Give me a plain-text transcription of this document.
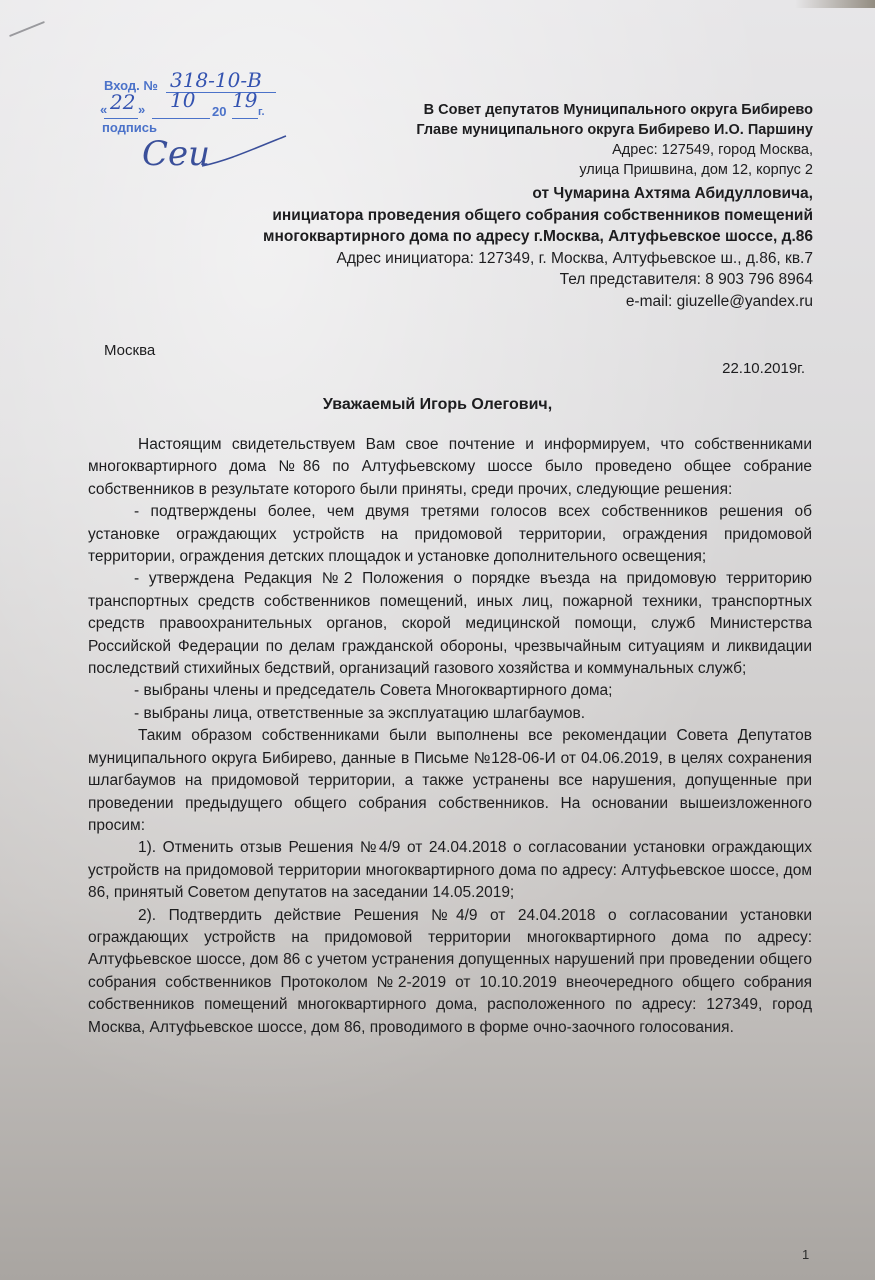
Вход. № 318-10-В
« 22 » 10 20 19 г.
подпись
Сеи
В Совет депутатов Муниципального округа Бибирево
Главе муниципального округа Бибирево И.О. Паршину
Адрес: 127549, город Москва,
улица Пришвина, дом 12, корпус 2
от Чумарина Ахтяма Абидулловича,
инициатора проведения общего собрания собственников помещений
многоквартирного дома по адресу г.Москва, Алтуфьевское шоссе, д.86
Адрес инициатора: 127349, г. Москва, Алтуфьевское ш., д.86, кв.7
Тел представителя: 8 903 796 8964
e-mail: giuzelle@yandex.ru
Москва
22.10.2019г.
Уважаемый Игорь Олегович,

Настоящим свидетельствуем Вам свое почтение и информируем, что собственниками многоквартирного дома №86 по Алтуфьевскому шоссе было проведено общее собрание собственников в результате которого были приняты, среди прочих, следующие решения:

- подтверждены более, чем двумя третями голосов всех собственников решения об установке ограждающих устройств на придомовой территории, ограждения придомовой территории, ограждения детских площадок и установке дополнительного освещения;

- утверждена Редакция №2 Положения о порядке въезда на придомовую территорию транспортных средств собственников помещений, иных лиц, пожарной техники, транспортных средств правоохранительных органов, скорой медицинской помощи, служб Министерства Российской Федерации по делам гражданской обороны, чрезвычайным ситуациям и ликвидации последствий стихийных бедствий, организаций газового хозяйства и коммунальных служб;

- выбраны члены и председатель Совета Многоквартирного дома;

- выбраны лица, ответственные за эксплуатацию шлагбаумов.

Таким образом собственниками были выполнены все рекомендации Совета Депутатов муниципального округа Бибирево, данные в Письме №128-06-И от 04.06.2019, в целях сохранения шлагбаумов на придомовой территории, а также устранены все нарушения, допущенные при проведении предыдущего общего собрания собственников. На основании вышеизложенного просим:

1). Отменить отзыв Решения №4/9 от 24.04.2018 о согласовании установки ограждающих устройств на придомовой территории многоквартирного дома по адресу: Алтуфьевское шоссе, дом 86, принятый Советом депутатов на заседании 14.05.2019;

2). Подтвердить действие Решения №4/9 от 24.04.2018 о согласовании установки ограждающих устройств на придомовой территории многоквартирного дома по адресу: Алтуфьевское шоссе, дом 86 с учетом устранения допущенных нарушений при проведении общего собрания собственников Протоколом №2-2019 от 10.10.2019 внеочередного общего собрания собственников помещений многоквартирного дома, расположенного по адресу: 127349, город Москва, Алтуфьевское шоссе, дом 86, проводимого в форме очно-заочного голосования.

1
